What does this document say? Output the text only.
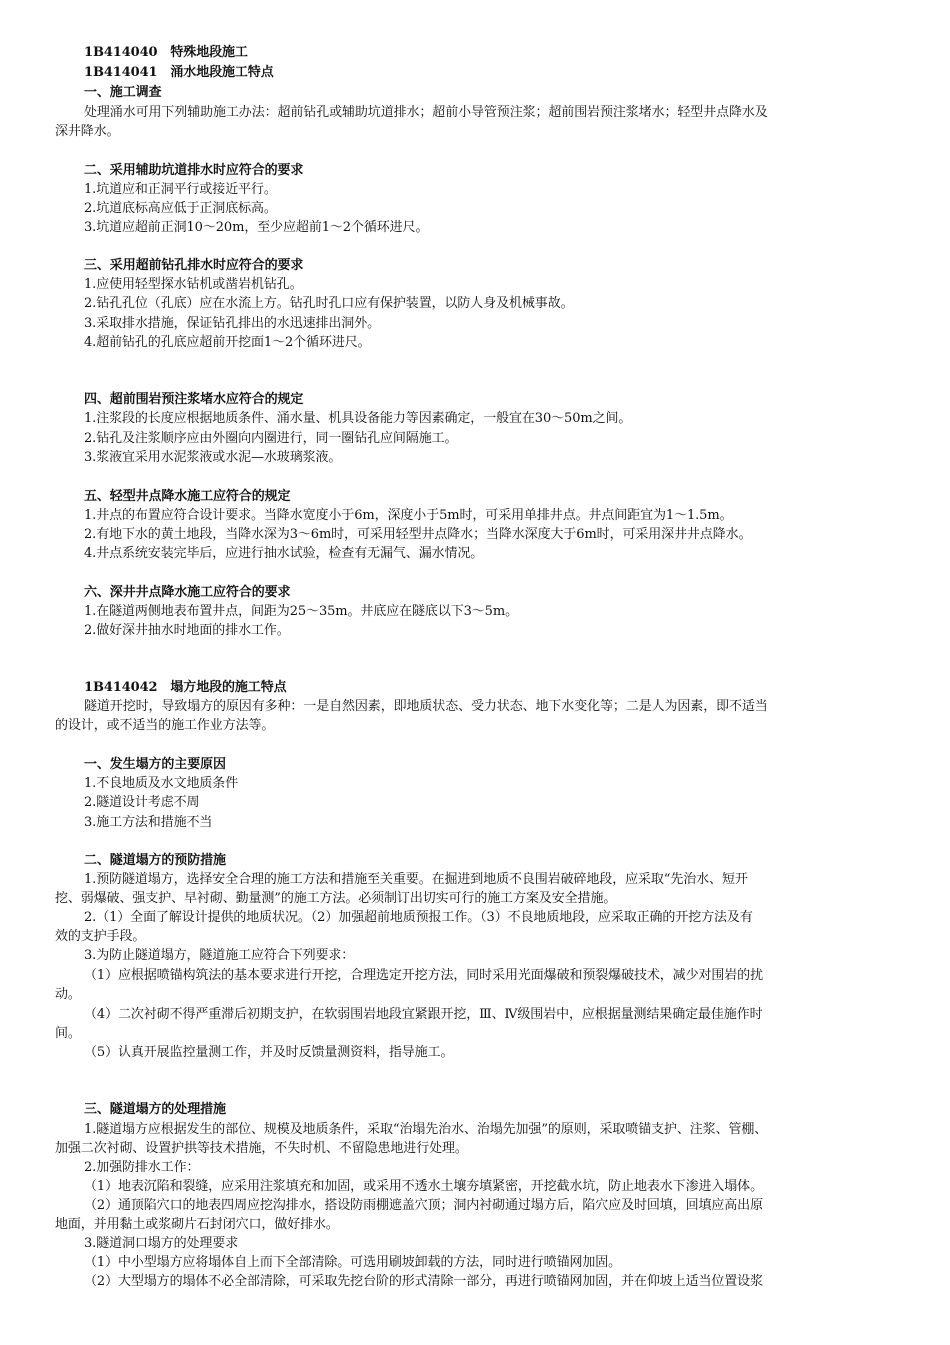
1B414040　特殊地段施工
1B414041　涌水地段施工特点
一、施工调查
处理涌水可用下列辅助施工办法：超前钻孔或辅助坑道排水；超前小导管预注浆；超前围岩预注浆堵水；轻型井点降水及
深井降水。
二、采用辅助坑道排水时应符合的要求
1.坑道应和正洞平行或接近平行。
2.坑道底标高应低于正洞底标高。
3.坑道应超前正洞10～20m，至少应超前1～2个循环进尺。
三、采用超前钻孔排水时应符合的要求
1.应使用轻型探水钻机或凿岩机钻孔。
2.钻孔孔位（孔底）应在水流上方。钻孔时孔口应有保护装置，以防人身及机械事故。
3.采取排水措施，保证钻孔排出的水迅速排出洞外。
4.超前钻孔的孔底应超前开挖面1～2个循环进尺。
四、超前围岩预注浆堵水应符合的规定
1.注浆段的长度应根据地质条件、涌水量、机具设备能力等因素确定，一般宜在30～50m之间。
2.钻孔及注浆顺序应由外圈向内圈进行，同一圈钻孔应间隔施工。
3.浆液宜采用水泥浆液或水泥—水玻璃浆液。
五、轻型井点降水施工应符合的规定
1.井点的布置应符合设计要求。当降水宽度小于6m，深度小于5m时，可采用单排井点。井点间距宜为1～1.5m。
2.有地下水的黄土地段，当降水深为3～6m时，可采用轻型井点降水；当降水深度大于6m时，可采用深井井点降水。
4.井点系统安装完毕后，应进行抽水试验，检查有无漏气、漏水情况。
六、深井井点降水施工应符合的要求
1.在隧道两侧地表布置井点，间距为25～35m。井底应在隧底以下3～5m。
2.做好深井抽水时地面的排水工作。
1B414042　塌方地段的施工特点
隧道开挖时，导致塌方的原因有多种：一是自然因素，即地质状态、受力状态、地下水变化等；二是人为因素，即不适当
的设计，或不适当的施工作业方法等。
一、发生塌方的主要原因
1.不良地质及水文地质条件
2.隧道设计考虑不周
3.施工方法和措施不当
二、隧道塌方的预防措施
1.预防隧道塌方，选择安全合理的施工方法和措施至关重要。在掘进到地质不良围岩破碎地段，应采取“先治水、短开
挖、弱爆破、强支护、早衬砌、勤量测”的施工方法。必须制订出切实可行的施工方案及安全措施。
2.（1）全面了解设计提供的地质状况。（2）加强超前地质预报工作。（3）不良地质地段，应采取正确的开挖方法及有
效的支护手段。
3.为防止隧道塌方，隧道施工应符合下列要求：
（1）应根据喷锚构筑法的基本要求进行开挖，合理选定开挖方法，同时采用光面爆破和预裂爆破技术，减少对围岩的扰
动。
（4）二次衬砌不得严重滞后初期支护，在软弱围岩地段宜紧跟开挖，Ⅲ、Ⅳ级围岩中，应根据量测结果确定最佳施作时
间。
（5）认真开展监控量测工作，并及时反馈量测资料，指导施工。
三、隧道塌方的处理措施
1.隧道塌方应根据发生的部位、规模及地质条件，采取“治塌先治水、治塌先加强”的原则，采取喷锚支护、注浆、管棚、
加强二次衬砌、设置护拱等技术措施，不失时机、不留隐患地进行处理。
2.加强防排水工作：
（1）地表沉陷和裂缝，应采用注浆填充和加固，或采用不透水土壤夯填紧密，开挖截水坑，防止地表水下渗进入塌体。
（2）通顶陷穴口的地表四周应挖沟排水，搭设防雨棚遮盖穴顶；洞内衬砌通过塌方后，陷穴应及时回填，回填应高出原
地面，并用黏土或浆砌片石封闭穴口，做好排水。
3.隧道洞口塌方的处理要求
（1）中小型塌方应将塌体自上而下全部清除。可选用刷坡卸载的方法，同时进行喷锚网加固。
（2）大型塌方的塌体不必全部清除，可采取先挖台阶的形式清除一部分，再进行喷锚网加固，并在仰坡上适当位置设浆
